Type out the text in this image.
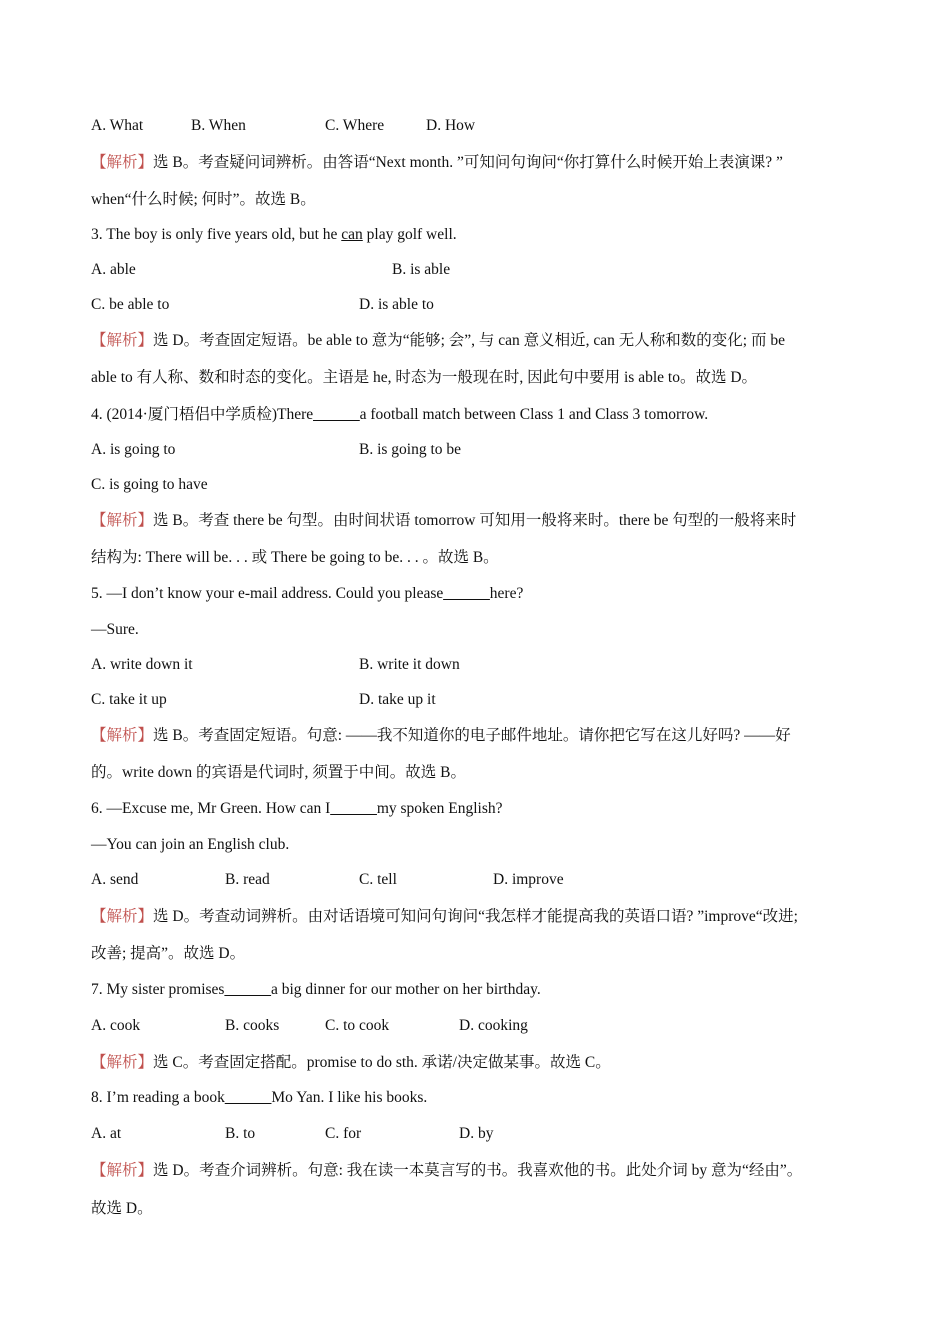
A. What	B. When	C. Where	D. How
【解析】选 B。考查疑问词辨析。由答语“Next month. ”可知问句询问“你打算什么时候开始上表演课? ”
when“什么时候; 何时”。故选 B。
3. The boy is only five years old, but he can play golf well.
A. able	B. is able
C. be able to	D. is able to
【解析】选 D。考查固定短语。be able to 意为“能够; 会”, 与 can 意义相近, can 无人称和数的变化; 而 be
able to 有人称、数和时态的变化。主语是 he, 时态为一般现在时, 因此句中要用 is able to。故选 D。
4. (2014·厦门梧侣中学质检)There______a football match between Class 1 and Class 3 tomorrow.
A. is going to	B. is going to be
C. is going to have
【解析】选 B。考查 there be 句型。由时间状语 tomorrow 可知用一般将来时。there be 句型的一般将来时
结构为: There will be. . . 或 There be going to be. . . 。故选 B。
5. —I don’t know your e-mail address. Could you please______here?
—Sure.
A. write down it	B. write it down
C. take it up	D. take up it
【解析】选 B。考查固定短语。句意: ——我不知道你的电子邮件地址。请你把它写在这儿好吗? ——好
的。write down 的宾语是代词时, 须置于中间。故选 B。
6. —Excuse me, Mr Green. How can I______my spoken English?
—You can join an English club.
A. send	B. read	C. tell	D. improve
【解析】选 D。考查动词辨析。由对话语境可知问句询问“我怎样才能提高我的英语口语? ”improve“改进;
改善; 提高”。故选 D。
7. My sister promises______a big dinner for our mother on her birthday.
A. cook	B. cooks	C. to cook	D. cooking
【解析】选 C。考查固定搭配。promise to do sth. 承诺/决定做某事。故选 C。
8. I’m reading a book______Mo Yan. I like his books.
A. at	B. to	C. for	D. by
【解析】选 D。考查介词辨析。句意: 我在读一本莫言写的书。我喜欢他的书。此处介词 by 意为“经由”。
故选 D。
